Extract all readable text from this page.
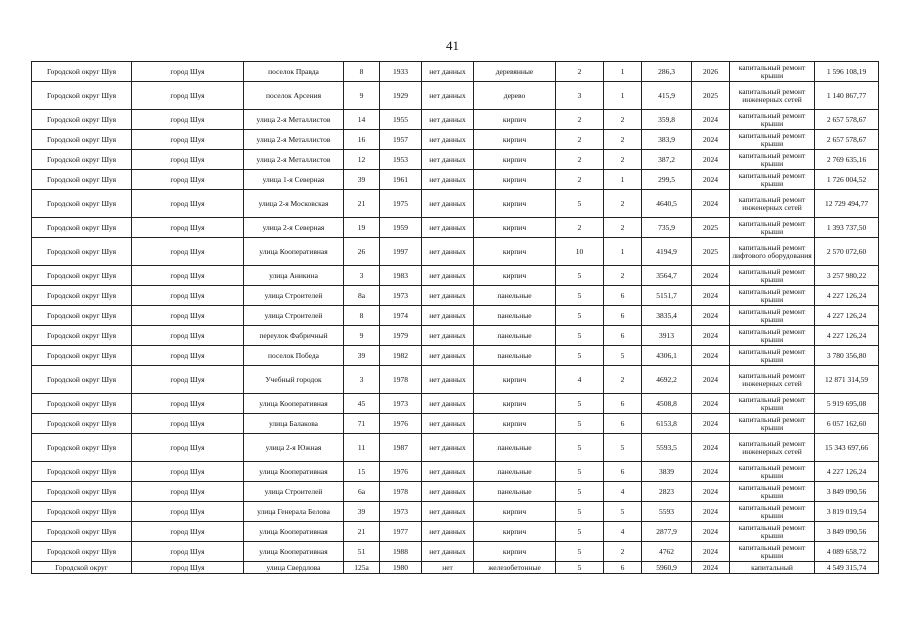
41
Городской округ Шуя	город Шуя	поселок Правда	8	1933	нет данных	деревянные	2	1	286,3	2026	капитальный ремонт крыши	1 596 108,19
Городской округ Шуя	город Шуя	поселок Арсения	9	1929	нет данных	дерево	3	1	415,9	2025	капитальный ремонт инженерных сетей	1 140 867,77
Городской округ Шуя	город Шуя	улица 2-я Металлистов	14	1955	нет данных	кирпич	2	2	359,8	2024	капитальный ремонт крыши	2 657 578,67
Городской округ Шуя	город Шуя	улица 2-я Металлистов	16	1957	нет данных	кирпич	2	2	383,9	2024	капитальный ремонт крыши	2 657 578,67
Городской округ Шуя	город Шуя	улица 2-я Металлистов	12	1953	нет данных	кирпич	2	2	387,2	2024	капитальный ремонт крыши	2 769 635,16
Городской округ Шуя	город Шуя	улица 1-я Северная	39	1961	нет данных	кирпич	2	1	299,5	2024	капитальный ремонт крыши	1 726 004,52
Городской округ Шуя	город Шуя	улица 2-я Московская	21	1975	нет данных	кирпич	5	2	4640,5	2024	капитальный ремонт инженерных сетей	12 729 494,77
Городской округ Шуя	город Шуя	улица 2-я Северная	19	1959	нет данных	кирпич	2	2	735,9	2025	капитальный ремонт крыши	1 393 737,50
Городской округ Шуя	город Шуя	улица Кооперативная	26	1997	нет данных	кирпич	10	1	4194,9	2025	капитальный ремонт лифтового оборудования	2 570 072,60
Городской округ Шуя	город Шуя	улица Аникина	3	1983	нет данных	кирпич	5	2	3564,7	2024	капитальный ремонт крыши	3 257 980,22
Городской округ Шуя	город Шуя	улица Строителей	8а	1973	нет данных	панельные	5	6	5151,7	2024	капитальный ремонт крыши	4 227 126,24
Городской округ Шуя	город Шуя	улица Строителей	8	1974	нет данных	панельные	5	6	3835,4	2024	капитальный ремонт крыши	4 227 126,24
Городской округ Шуя	город Шуя	переулок Фабричный	9	1979	нет данных	панельные	5	6	3913	2024	капитальный ремонт крыши	4 227 126,24
Городской округ Шуя	город Шуя	поселок Победа	39	1982	нет данных	панельные	5	5	4306,1	2024	капитальный ремонт крыши	3 780 356,80
Городской округ Шуя	город Шуя	Учебный городок	3	1978	нет данных	кирпич	4	2	4692,2	2024	капитальный ремонт инженерных сетей	12 871 314,59
Городской округ Шуя	город Шуя	улица Кооперативная	45	1973	нет данных	кирпич	5	6	4508,8	2024	капитальный ремонт крыши	5 919 695,08
Городской округ Шуя	город Шуя	улица Балакова	71	1976	нет данных	кирпич	5	6	6153,8	2024	капитальный ремонт крыши	6 057 162,60
Городской округ Шуя	город Шуя	улица 2-я Южная	11	1987	нет данных	панельные	5	5	5593,5	2024	капитальный ремонт инженерных сетей	15 343 697,66
Городской округ Шуя	город Шуя	улица Кооперативная	15	1976	нет данных	панельные	5	6	3839	2024	капитальный ремонт крыши	4 227 126,24
Городской округ Шуя	город Шуя	улица Строителей	6а	1978	нет данных	панельные	5	4	2823	2024	капитальный ремонт крыши	3 849 090,56
Городской округ Шуя	город Шуя	улица Генерала Белова	39	1973	нет данных	кирпич	5	5	5593	2024	капитальный ремонт крыши	3 819 019,54
Городской округ Шуя	город Шуя	улица Кооперативная	21	1977	нет данных	кирпич	5	4	2877,9	2024	капитальный ремонт крыши	3 849 090,56
Городской округ Шуя	город Шуя	улица Кооперативная	51	1988	нет данных	кирпич	5	2	4762	2024	капитальный ремонт крыши	4 089 658,72
Городской округ	город Шуя	улица Свердлова	125а	1980	нет	железобетонные	5	6	5960,9	2024	капитальный	4 549 315,74
